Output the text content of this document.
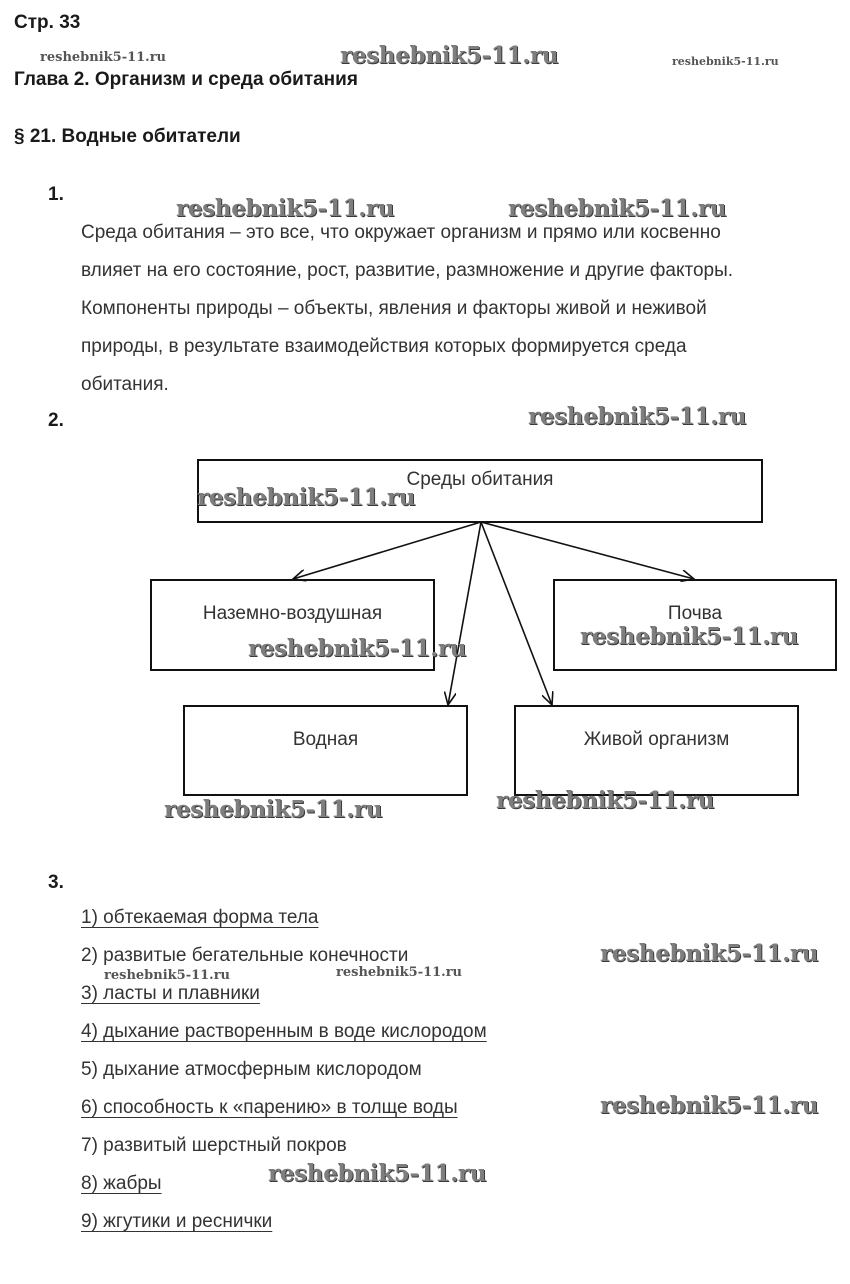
Стр. 33
Глава 2. Организм и среда обитания
§ 21. Водные обитатели
1.

Среда обитания – это все, что окружает организм и прямо или косвенно

влияет на его состояние, рост, развитие, размножение и другие факторы.

Компоненты природы – объекты, явления и факторы живой и неживой

природы, в результате взаимодействия которых формируется среда

обитания.

2.
Среды обитания
Наземно-воздушная	Почва
Водная	Живой организм
3.
1) обтекаемая форма тела
2) развитые бегательные конечности
3) ласты и плавники
4) дыхание растворенным в воде кислородом
5) дыхание атмосферным кислородом
6) способность к «парению» в толще воды
7) развитый шерстный покров
8) жабры
9) жгутики и реснички
reshebnik5-11.ru	reshebnik5-11.ru	reshebnik5-11.ru
reshebnik5-11.ru	reshebnik5-11.ru
reshebnik5-11.ru
reshebnik5-11.ru
reshebnik5-11.ru	reshebnik5-11.ru
reshebnik5-11.ru	reshebnik5-11.ru
reshebnik5-11.ru
reshebnik5-11.ru	reshebnik5-11.ru
reshebnik5-11.ru
reshebnik5-11.ru
